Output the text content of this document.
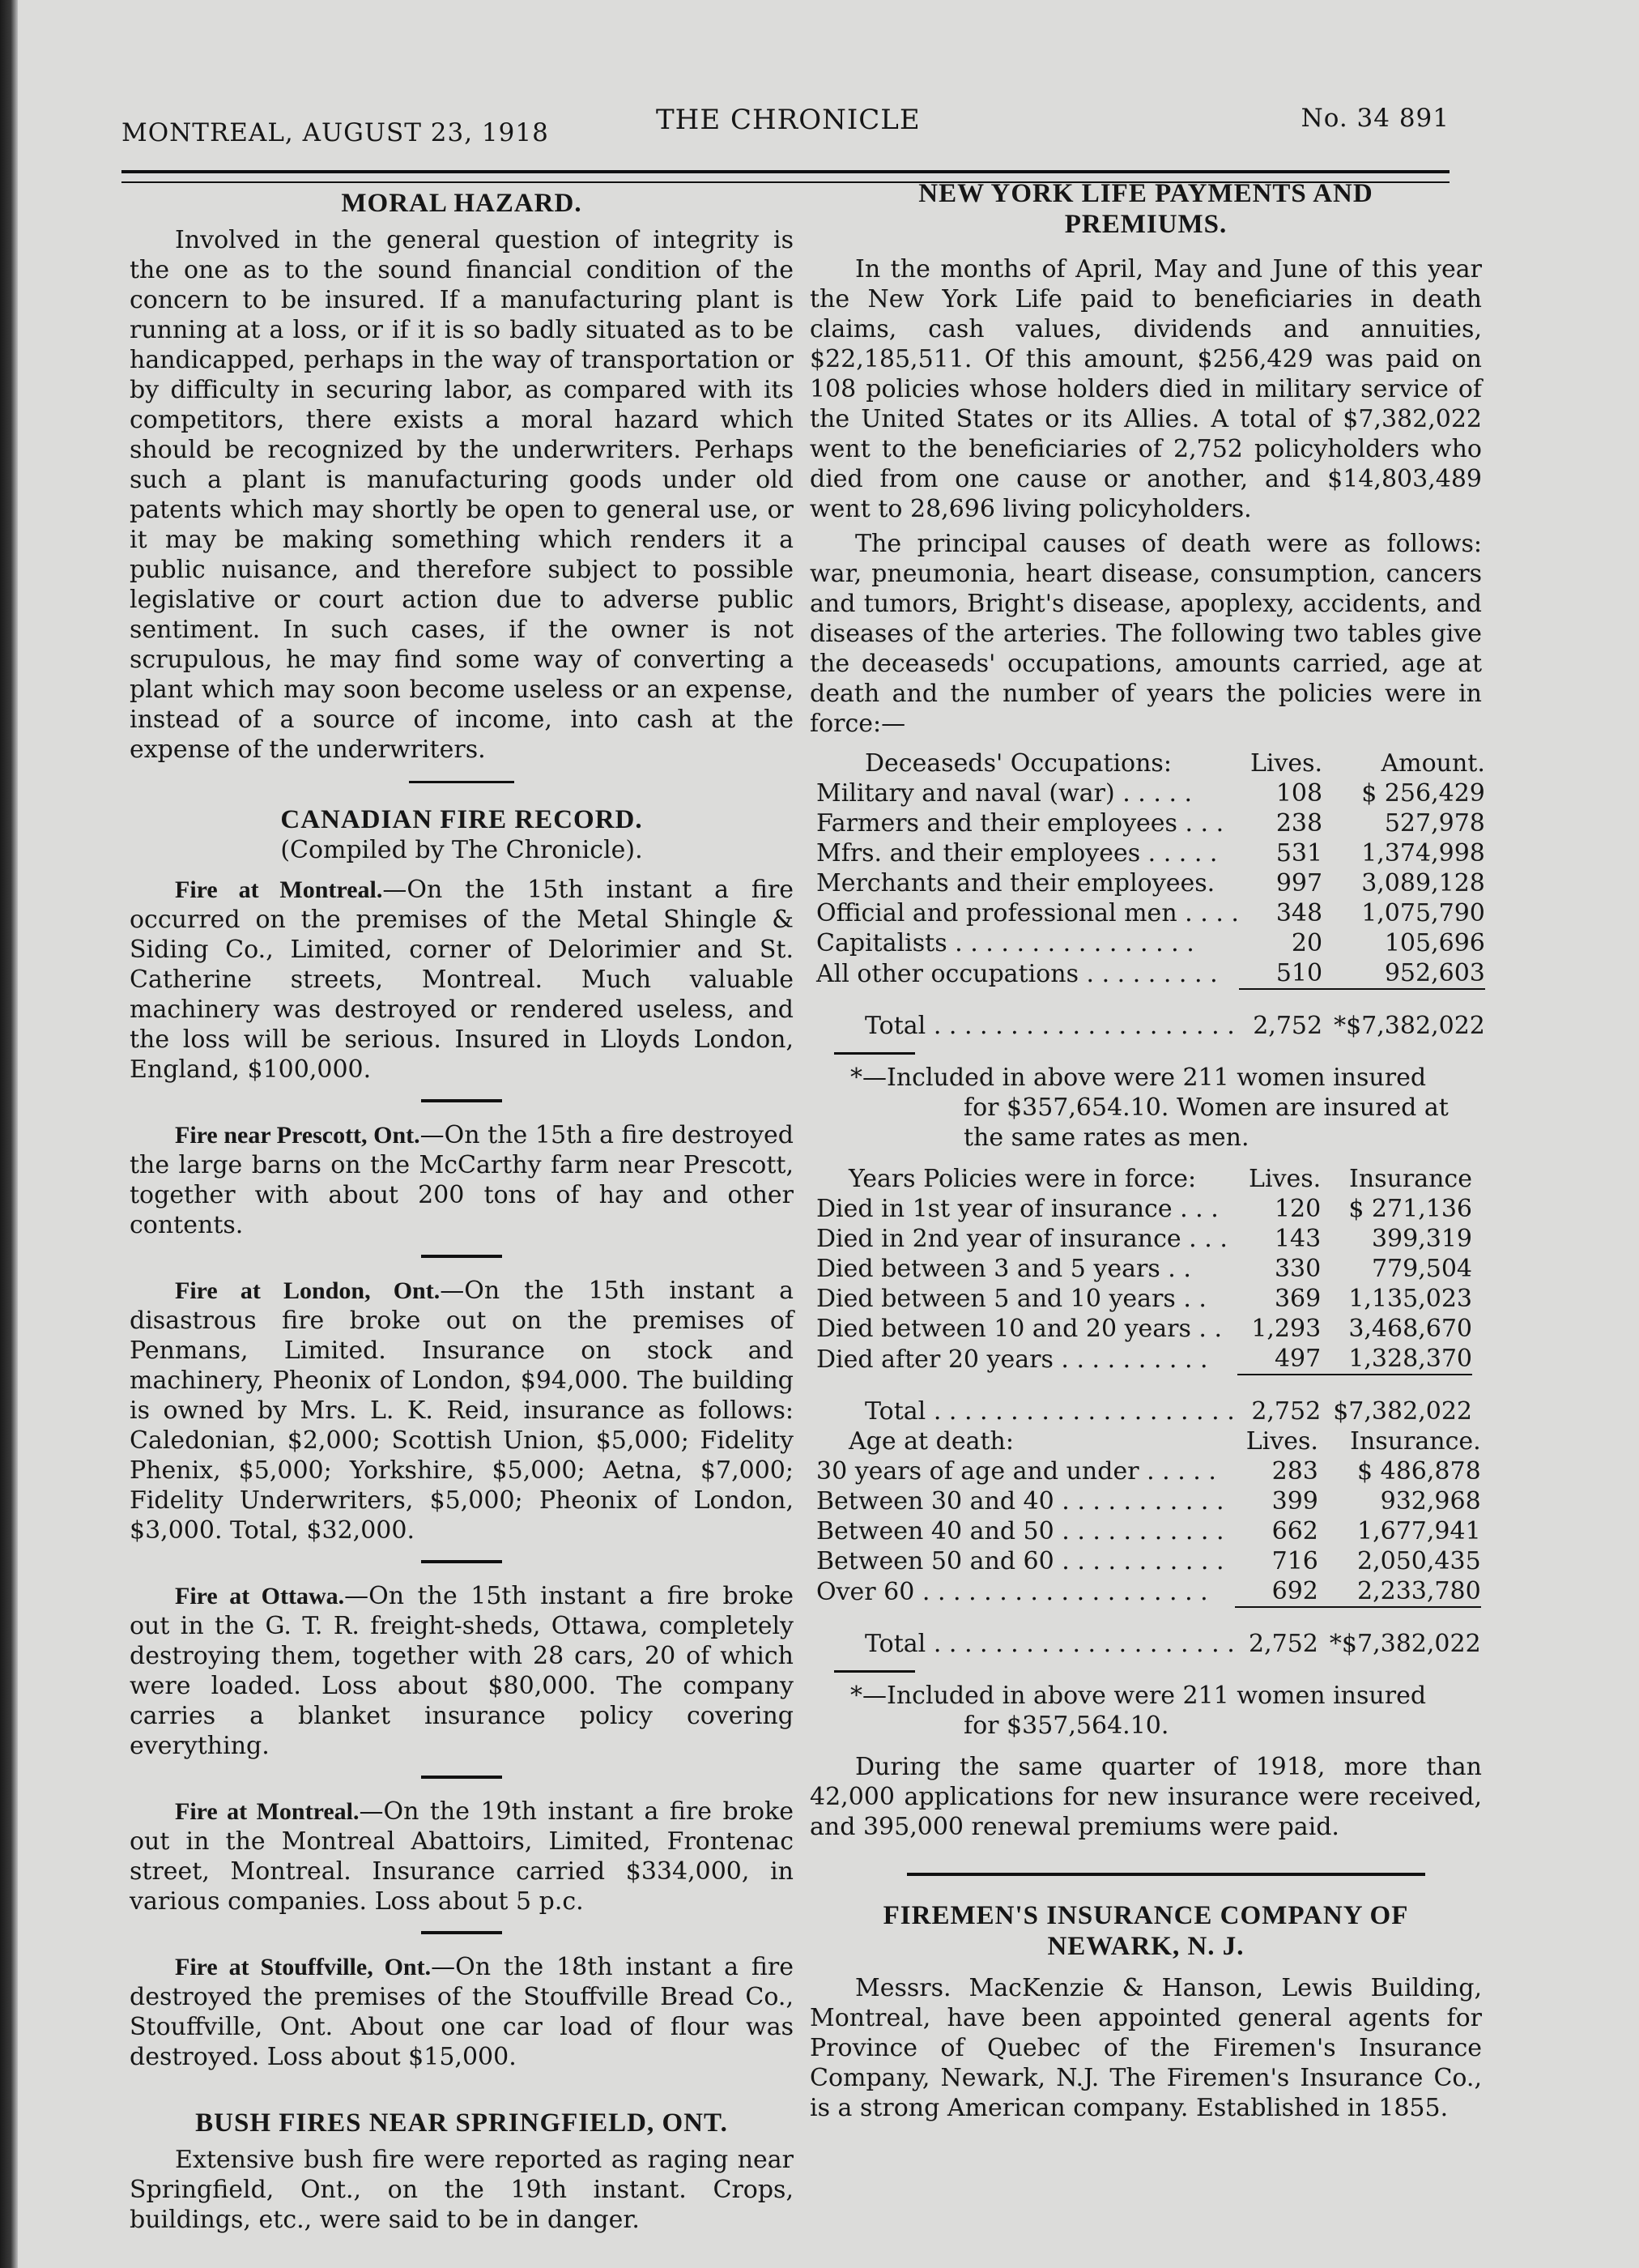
MONTREAL, AUGUST 23, 1918	THE CHRONICLE	No. 34 891
MORAL HAZARD.

Involved in the general question of integrity is the one as to the sound financial condition of the concern to be insured. If a manufacturing plant is running at a loss, or if it is so badly situated as to be handicapped, perhaps in the way of transportation or by difficulty in securing labor, as compared with its competitors, there exists a moral hazard which should be recognized by the underwriters. Perhaps such a plant is manufacturing goods under old patents which may shortly be open to general use, or it may be making something which renders it a public nuisance, and therefore subject to possible legislative or court action due to adverse public sentiment. In such cases, if the owner is not scrupulous, he may find some way of converting a plant which may soon become useless or an expense, instead of a source of income, into cash at the expense of the underwriters.

CANADIAN FIRE RECORD.

(Compiled by The Chronicle).

Fire at Montreal.—On the 15th instant a fire occurred on the premises of the Metal Shingle & Siding Co., Limited, corner of Delorimier and St. Catherine streets, Montreal. Much valuable machinery was destroyed or rendered useless, and the loss will be serious. Insured in Lloyds London, England, $100,000.

Fire near Prescott, Ont.—On the 15th a fire destroyed the large barns on the McCarthy farm near Prescott, together with about 200 tons of hay and other contents.

Fire at London, Ont.—On the 15th instant a disastrous fire broke out on the premises of Penmans, Limited. Insurance on stock and machinery, Pheonix of London, $94,000. The building is owned by Mrs. L. K. Reid, insurance as follows: Caledonian, $2,000; Scottish Union, $5,000; Fidelity Phenix, $5,000; Yorkshire, $5,000; Aetna, $7,000; Fidelity Underwriters, $5,000; Pheonix of London, $3,000. Total, $32,000.

Fire at Ottawa.—On the 15th instant a fire broke out in the G. T. R. freight-sheds, Ottawa, completely destroying them, together with 28 cars, 20 of which were loaded. Loss about $80,000. The company carries a blanket insurance policy covering everything.

Fire at Montreal.—On the 19th instant a fire broke out in the Montreal Abattoirs, Limited, Frontenac street, Montreal. Insurance carried $334,000, in various companies. Loss about 5 p.c.

Fire at Stouffville, Ont.—On the 18th instant a fire destroyed the premises of the Stouffville Bread Co., Stouffville, Ont. About one car load of flour was destroyed. Loss about $15,000.

BUSH FIRES NEAR SPRINGFIELD, ONT.

Extensive bush fire were reported as raging near Springfield, Ont., on the 19th instant. Crops, buildings, etc., were said to be in danger.

NEW YORK LIFE PAYMENTS AND
PREMIUMS.

In the months of April, May and June of this year the New York Life paid to beneficiaries in death claims, cash values, dividends and annuities, $22,185,511. Of this amount, $256,429 was paid on 108 policies whose holders died in military service of the United States or its Allies. A total of $7,382,022 went to the beneficiaries of 2,752 policyholders who died from one cause or another, and $14,803,489 went to 28,696 living policyholders.

The principal causes of death were as follows: war, pneumonia, heart disease, consumption, cancers and tumors, Bright's disease, apoplexy, accidents, and diseases of the arteries. The following two tables give the deceaseds' occupations, amounts carried, age at death and the number of years the policies were in force:—

Deceaseds' Occupations:	Lives.	Amount.
Military and naval (war) . . . . .	108	$ 256,429
Farmers and their employees . . .	238	527,978
Mfrs. and their employees . . . . .	531	1,374,998
Merchants and their employees.	997	3,089,128
Official and professional men . . . .	348	1,075,790
Capitalists . . . . . . . . . . . . . . . .	20	105,696
All other occupations . . . . . . . . .	510	952,603

Total . . . . . . . . . . . . . . . . . . . .	2,752	*$7,382,022

*—Included in above were 211 women insured
for $357,654.10. Women are insured at the same rates as men.

Years Policies were in force:	Lives.	Insurance
Died in 1st year of insurance . . .	120	$ 271,136
Died in 2nd year of insurance . . .	143	399,319
Died between 3 and 5 years . .	330	779,504
Died between 5 and 10 years . .	369	1,135,023
Died between 10 and 20 years . .	1,293	3,468,670
Died after 20 years . . . . . . . . . .	497	1,328,370

Total . . . . . . . . . . . . . . . . . . . .	2,752	$7,382,022
Age at death:	Lives.	Insurance.
30 years of age and under . . . . .	283	$ 486,878
Between 30 and 40 . . . . . . . . . . .	399	932,968
Between 40 and 50 . . . . . . . . . . .	662	1,677,941
Between 50 and 60 . . . . . . . . . . .	716	2,050,435
Over 60 . . . . . . . . . . . . . . . . . . .	692	2,233,780

Total . . . . . . . . . . . . . . . . . . . .	2,752	*$7,382,022

*—Included in above were 211 women insured
for $357,564.10.

During the same quarter of 1918, more than 42,000 applications for new insurance were received, and 395,000 renewal premiums were paid.

FIREMEN'S INSURANCE COMPANY OF
NEWARK, N. J.

Messrs. MacKenzie & Hanson, Lewis Building, Montreal, have been appointed general agents for Province of Quebec of the Firemen's Insurance Company, Newark, N.J. The Firemen's Insurance Co., is a strong American company. Established in 1855.
